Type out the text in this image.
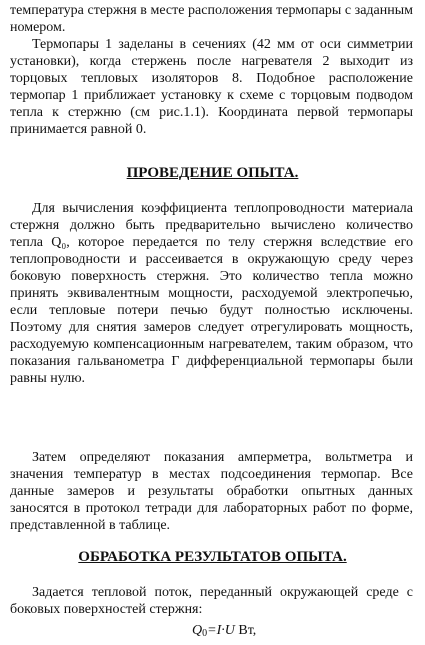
температура стержня в месте расположения термопары с заданным номером.

Термопары 1 заделаны в сечениях (42 мм от оси симметрии установки), когда стержень после нагревателя 2 выходит из торцовых тепловых изоляторов 8. Подобное расположение термопар 1 приближает установку к схеме с торцовым подводом тепла к стержню (см рис.1.1). Координата первой термопары принимается равной 0.

ПРОВЕДЕНИЕ ОПЫТА.

Для вычисления коэффициента теплопроводности материала стержня должно быть предварительно вычислено количество тепла Q₀, которое передается по телу стержня вследствие его теплопроводности и рассеивается в окружающую среду через боковую поверхность стержня. Это количество тепла можно принять эквивалентным мощности, расходуемой электропечью, если тепловые потери печью будут полностью исключены. Поэтому для снятия замеров следует отрегулировать мощность, расходуемую компенсационным нагревателем, таким образом, что показания гальванометра Г дифференциальной термопары были равны нулю.

Затем определяют показания амперметра, вольтметра и значения температур в местах подсоединения термопар. Все данные замеров и результаты обработки опытных данных заносятся в протокол тетради для лабораторных работ по форме, представленной в таблице.

ОБРАБОТКА РЕЗУЛЬТАТОВ ОПЫТА.

Задается тепловой поток, переданный окружающей среде с боковых поверхностей стержня:

$Q_0=I\cdot U$ Вт,
